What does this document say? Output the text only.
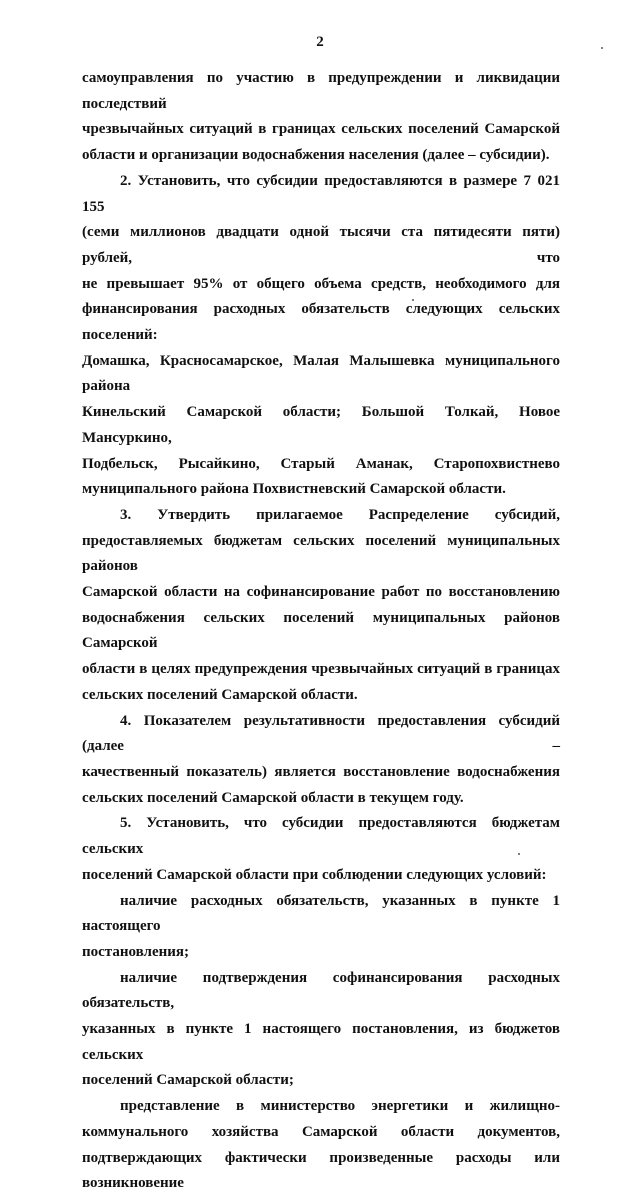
2

самоуправления по участию в предупреждении и ликвидации последствий
чрезвычайных ситуаций в границах сельских поселений Самарской
области и организации водоснабжения населения (далее – субсидии).

2. Установить, что субсидии предоставляются в размере 7 021 155
(семи миллионов двадцати одной тысячи ста пятидесяти пяти) рублей, что
не превышает 95% от общего объема средств, необходимого для
финансирования расходных обязательств следующих сельских поселений:
Домашка, Красносамарское, Малая Малышевка муниципального района
Кинельский Самарской области; Большой Толкай, Новое Мансуркино,
Подбельск, Рысайкино, Старый Аманак, Старопохвистнево
муниципального района Похвистневский Самарской области.

3. Утвердить прилагаемое Распределение субсидий,
предоставляемых бюджетам сельских поселений муниципальных районов
Самарской области на софинансирование работ по восстановлению
водоснабжения сельских поселений муниципальных районов Самарской
области в целях предупреждения чрезвычайных ситуаций в границах
сельских поселений Самарской области.

4. Показателем результативности предоставления субсидий (далее –
качественный показатель) является восстановление водоснабжения
сельских поселений Самарской области в текущем году.

5. Установить, что субсидии предоставляются бюджетам сельских
поселений Самарской области при соблюдении следующих условий:

наличие расходных обязательств, указанных в пункте 1 настоящего
постановления;

наличие подтверждения софинансирования расходных обязательств,
указанных в пункте 1 настоящего постановления, из бюджетов сельских
поселений Самарской области;

представление в министерство энергетики и жилищно-
коммунального хозяйства Самарской области документов,
подтверждающих фактически произведенные расходы или возникновение
